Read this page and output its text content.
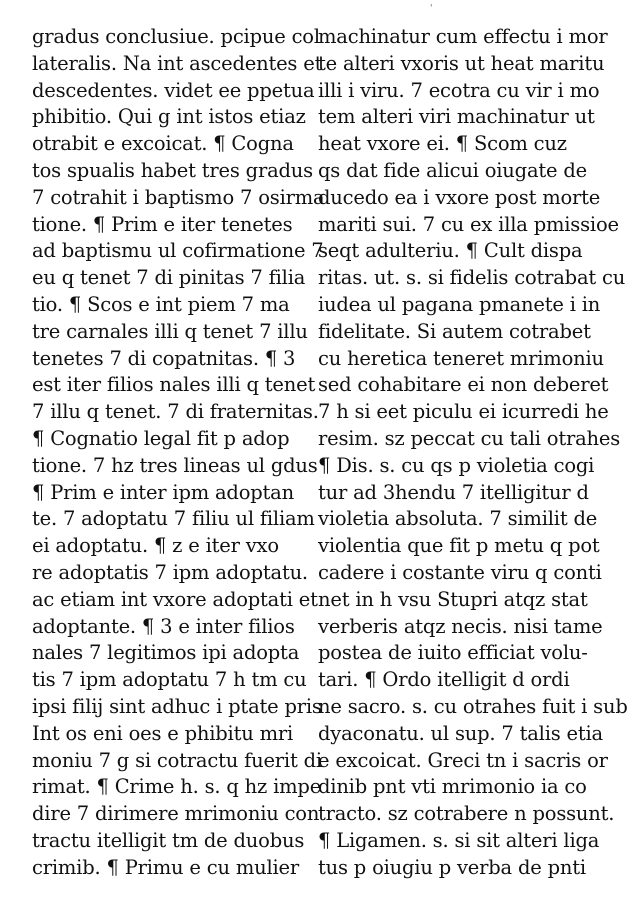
'
gradus conclusiue. pcipue col
lateralis. Na int ascedentes et
descedentes. videt ee ppetua
phibitio. Qui g int istos etiaz
otrabit e excoicat. ¶ Cogna
tos spualis habet tres gradus
7 cotrahit i baptismo 7 osirma
tione. ¶ Prim e iter tenetes
ad baptismu ul cofirmatione 7
eu q tenet 7 di pinitas 7 filia
tio. ¶ Scos e int piem 7 ma
tre carnales illi q tenet 7 illu
tenetes 7 di copatnitas. ¶ 3
est iter filios nales illi q tenet
7 illu q tenet. 7 di fraternitas.
¶ Cognatio legal fit p adop
tione. 7 hz tres lineas ul gdus
¶ Prim e inter ipm adoptan
te. 7 adoptatu 7 filiu ul filiam
ei adoptatu. ¶ z e iter vxo
re adoptatis 7 ipm adoptatu.
ac etiam int vxore adoptati et
adoptante. ¶ 3 e inter filios
nales 7 legitimos ipi adopta
tis 7 ipm adoptatu 7 h tm cu
ipsi filij sint adhuc i ptate pris
Int os eni oes e phibitu mri
moniu 7 g si cotractu fuerit di
rimat. ¶ Crime h. s. q hz impe
dire 7 dirimere mrimoniu con
tractu itelligit tm de duobus
crimib. ¶ Primu e cu mulier
machinatur cum effectu i mor
te alteri vxoris ut heat maritu
illi i viru. 7 ecotra cu vir i mo
tem alteri viri machinatur ut
heat vxore ei. ¶ Scom cuz
qs dat fide alicui oiugate de
ducedo ea i vxore post morte
mariti sui. 7 cu ex illa pmissioe
seqt adulteriu. ¶ Cult dispa
ritas. ut. s. si fidelis cotrabat cu
iudea ul pagana pmanete i in
fidelitate. Si autem cotrabet
cu heretica teneret mrimoniu
sed cohabitare ei non deberet
7 h si eet piculu ei icurredi he
resim. sz peccat cu tali otrahes
¶ Dis. s. cu qs p violetia cogi
tur ad 3hendu 7 itelligitur d
violetia absoluta. 7 similit de
violentia que fit p metu q pot
cadere i costante viru q conti
net in h vsu Stupri atqz stat
verberis atqz necis. nisi tame
postea de iuito efficiat volu-
tari. ¶ Ordo itelligit d ordi
ne sacro. s. cu otrahes fuit i sub
dyaconatu. ul sup. 7 talis etia
e excoicat. Greci tn i sacris or
dinib pnt vti mrimonio ia co
tracto. sz cotrabere n possunt.
¶ Ligamen. s. si sit alteri liga
tus p oiugiu p verba de pnti
